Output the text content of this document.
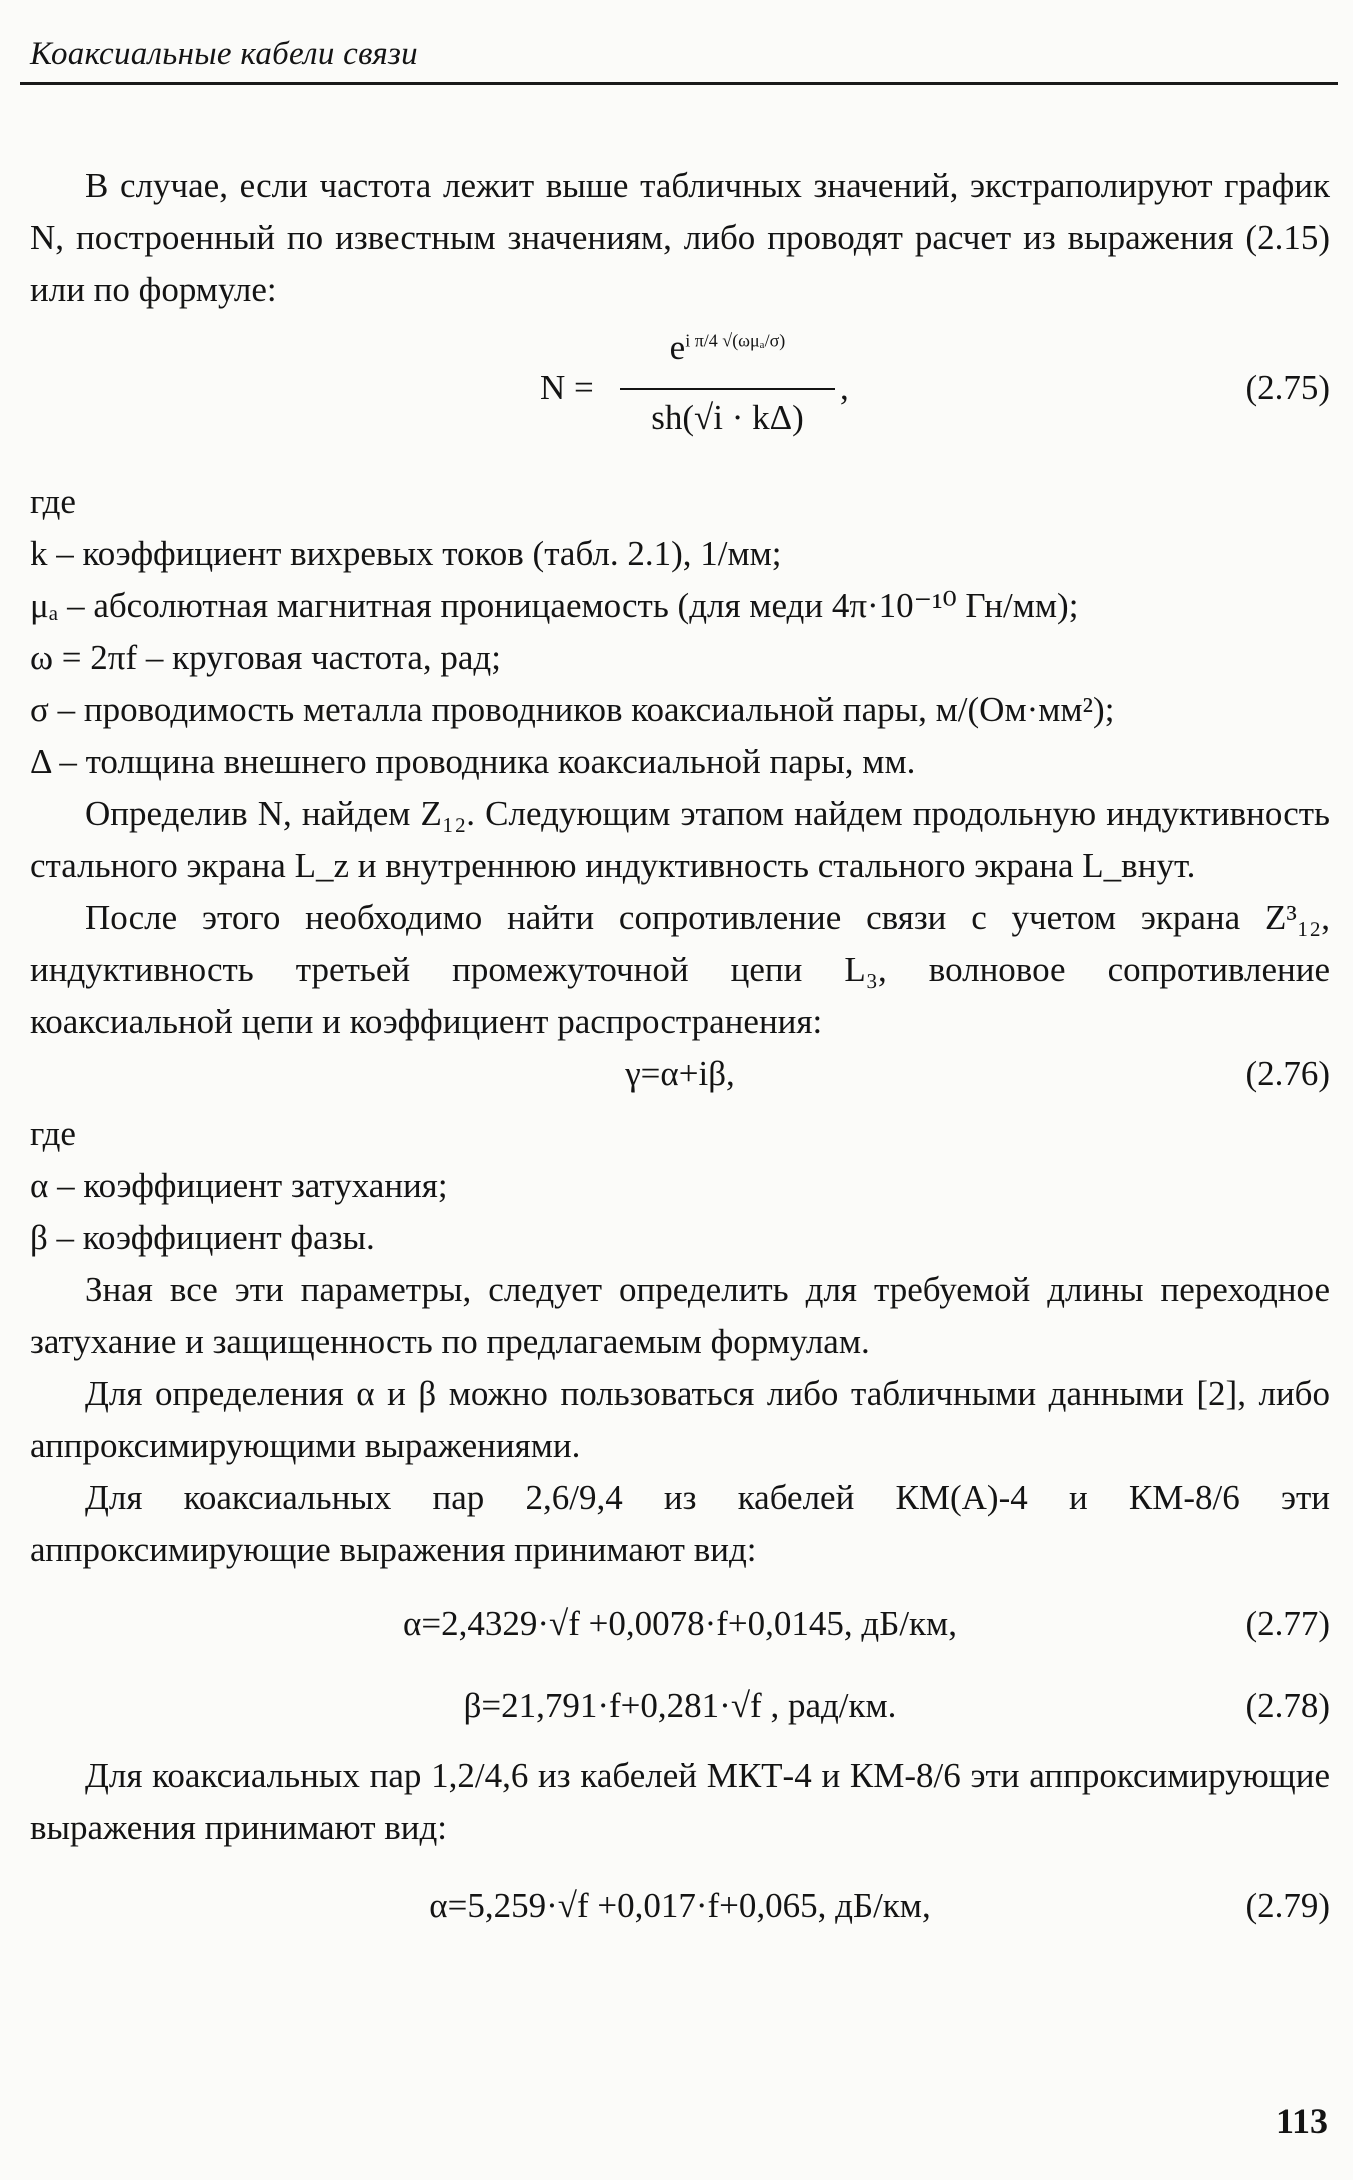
Коаксиальные кабели связи

В случае, если частота лежит выше табличных значений, экстраполируют график N, построенный по известным значениям, либо проводят расчет из выражения (2.15) или по формуле:

N =
$e^{i \pi/4 √(\omega\mu_a/\sigma)}$
sh(√i · kΔ)
,	(2.75)
где
k – коэффициент вихревых токов (табл. 2.1), 1/мм;
μₐ – абсолютная магнитная проницаемость (для меди 4π·10⁻¹⁰ Гн/мм);
ω = 2πf – круговая частота, рад;
σ – проводимость металла проводников коаксиальной пары, м/(Ом·мм²);
Δ – толщина внешнего проводника коаксиальной пары, мм.

Определив N, найдем Z₁₂. Следующим этапом найдем продольную индуктивность стального экрана L_z и внутреннюю индуктивность стального экрана L_внут.

После этого необходимо найти сопротивление связи с учетом экрана Z³₁₂, индуктивность третьей промежуточной цепи L₃, волновое сопротивление коаксиальной цепи и коэффициент распространения:

γ=α+iβ,	(2.76)
где
α – коэффициент затухания;
β – коэффициент фазы.

Зная все эти параметры, следует определить для требуемой длины переходное затухание и защищенность по предлагаемым формулам.

Для определения α и β можно пользоваться либо табличными данными [2], либо аппроксимирующими выражениями.

Для коаксиальных пар 2,6/9,4 из кабелей КМ(А)-4 и КМ-8/6 эти аппроксимирующие выражения принимают вид:

α=2,4329·√f +0,0078·f+0,0145, дБ/км,	(2.77)
β=21,791·f+0,281·√f , рад/км.	(2.78)

Для коаксиальных пар 1,2/4,6 из кабелей МКТ-4 и КМ-8/6 эти аппроксимирующие выражения принимают вид:

α=5,259·√f +0,017·f+0,065, дБ/км,	(2.79)
113
